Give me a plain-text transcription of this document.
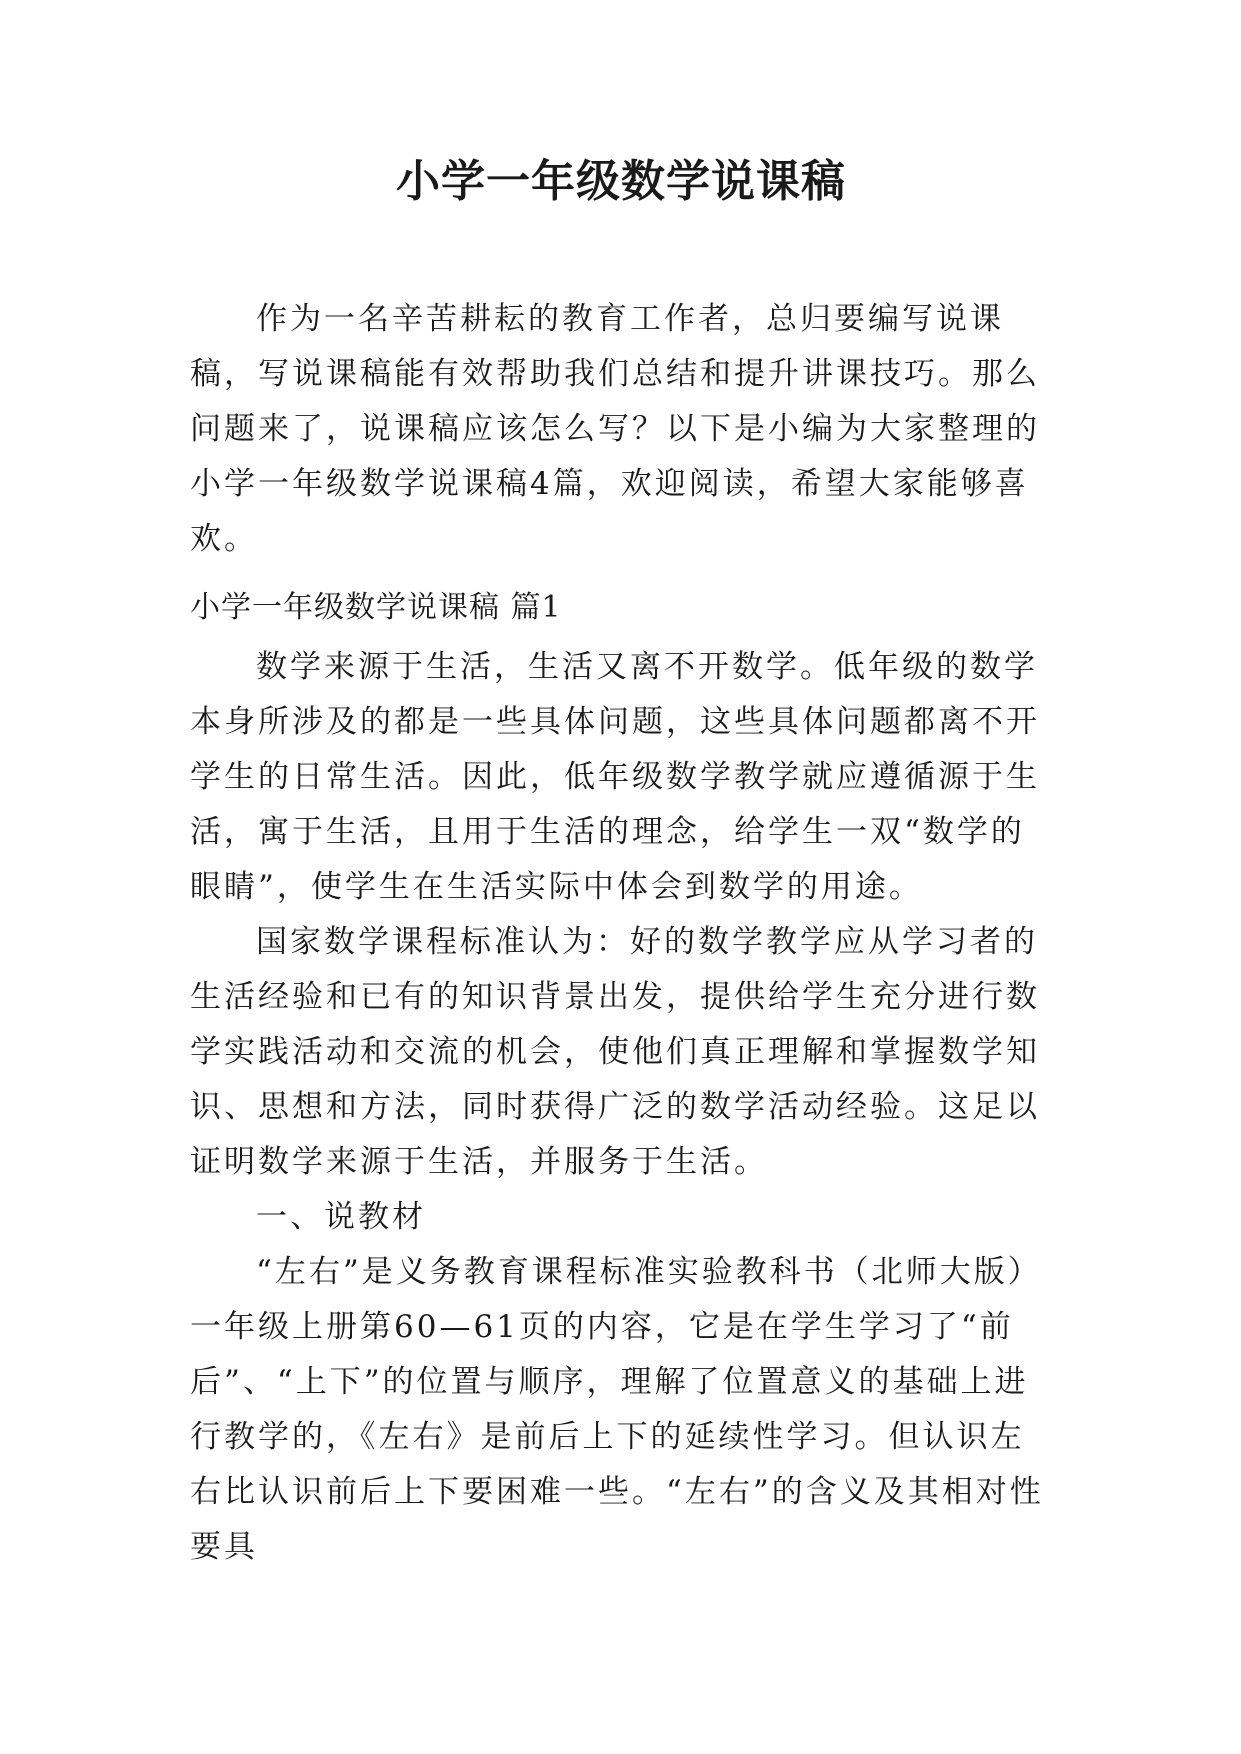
小学一年级数学说课稿
作为一名辛苦耕耘的教育工作者，总归要编写说课稿，写说课稿能有效帮助我们总结和提升讲课技巧。那么问题来了，说课稿应该怎么写？以下是小编为大家整理的小学一年级数学说课稿4篇，欢迎阅读，希望大家能够喜欢。
小学一年级数学说课稿 篇1

数学来源于生活，生活又离不开数学。低年级的数学本身所涉及的都是一些具体问题，这些具体问题都离不开学生的日常生活。因此，低年级数学教学就应遵循源于生活，寓于生活，且用于生活的理念，给学生一双“数学的眼睛”，使学生在生活实际中体会到数学的用途。

国家数学课程标准认为：好的数学教学应从学习者的生活经验和已有的知识背景出发，提供给学生充分进行数学实践活动和交流的机会，使他们真正理解和掌握数学知识、思想和方法，同时获得广泛的数学活动经验。这足以证明数学来源于生活，并服务于生活。

一、说教材

“左右”是义务教育课程标准实验教科书（北师大版）一年级上册第60—61页的内容，它是在学生学习了“前后”、“上下”的位置与顺序，理解了位置意义的基础上进行教学的，《左右》是前后上下的延续性学习。但认识左右比认识前后上下要困难一些。“左右”的含义及其相对性要具
